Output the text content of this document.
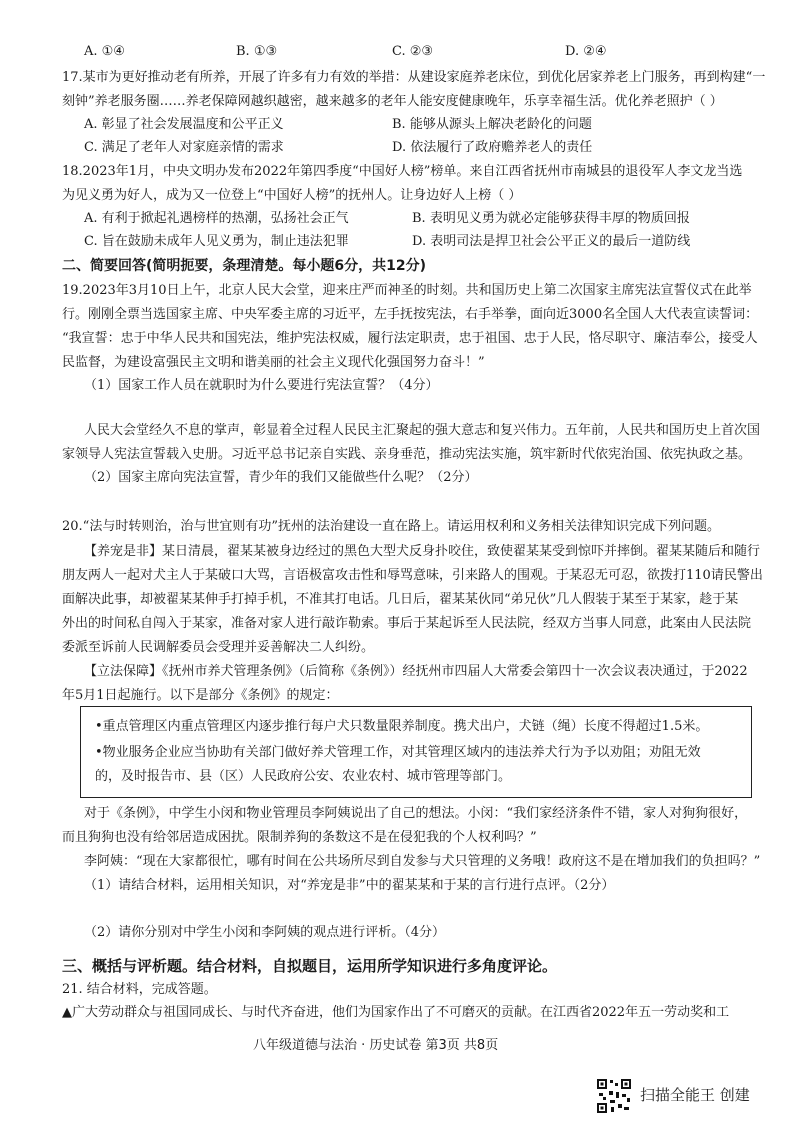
A. ①④	B. ①③	C. ②③	D. ②④
17.某市为更好推动老有所养，开展了许多有力有效的举措：从建设家庭养老床位，到优化居家养老上门服务，再到构建“一
刻钟”养老服务圈……养老保障网越织越密，越来越多的老年人能安度健康晚年，乐享幸福生活。优化养老照护（ ）
A. 彰显了社会发展温度和公平正义	B. 能够从源头上解决老龄化的问题
C. 满足了老年人对家庭亲情的需求	D. 依法履行了政府赡养老人的责任
18.2023年1月，中央文明办发布2022年第四季度“中国好人榜”榜单。来自江西省抚州市南城县的退役军人李文龙当选
为见义勇为好人，成为又一位登上“中国好人榜”的抚州人。让身边好人上榜（ ）
A. 有利于掀起礼遇榜样的热潮，弘扬社会正气	B. 表明见义勇为就必定能够获得丰厚的物质回报
C. 旨在鼓励未成年人见义勇为，制止违法犯罪	D. 表明司法是捍卫社会公平正义的最后一道防线
二、简要回答(简明扼要，条理清楚。每小题6分，共12分)
19.2023年3月10日上午，北京人民大会堂，迎来庄严而神圣的时刻。共和国历史上第二次国家主席宪法宣誓仪式在此举
行。刚刚全票当选国家主席、中央军委主席的习近平，左手抚按宪法，右手举拳，面向近3000名全国人大代表宣读誓词：
“我宣誓：忠于中华人民共和国宪法，维护宪法权威，履行法定职责，忠于祖国、忠于人民，恪尽职守、廉洁奉公，接受人
民监督，为建设富强民主文明和谐美丽的社会主义现代化强国努力奋斗！”
（1）国家工作人员在就职时为什么要进行宪法宣誓？（4分）
人民大会堂经久不息的掌声，彰显着全过程人民民主汇聚起的强大意志和复兴伟力。五年前，人民共和国历史上首次国
家领导人宪法宣誓载入史册。习近平总书记亲自实践、亲身垂范，推动宪法实施，筑牢新时代依宪治国、依宪执政之基。
（2）国家主席向宪法宣誓，青少年的我们又能做些什么呢？（2分）
20.“法与时转则治，治与世宜则有功”抚州的法治建设一直在路上。请运用权利和义务相关法律知识完成下列问题。
【养宠是非】某日清晨，翟某某被身边经过的黑色大型犬反身扑咬住，致使翟某某受到惊吓并摔倒。翟某某随后和随行
朋友两人一起对犬主人于某破口大骂，言语极富攻击性和辱骂意味，引来路人的围观。于某忍无可忍，欲拨打110请民警出
面解决此事，却被翟某某伸手打掉手机，不准其打电话。几日后，翟某某伙同“弟兄伙”几人假装于某至于某家，趁于某
外出的时间私自闯入于某家，准备对家人进行敲诈勒索。事后于某起诉至人民法院，经双方当事人同意，此案由人民法院
委派至诉前人民调解委员会受理并妥善解决二人纠纷。
【立法保障】《抚州市养犬管理条例》（后简称《条例》）经抚州市四届人大常委会第四十一次会议表决通过，于2022
年5月1日起施行。以下是部分《条例》的规定：
•重点管理区内重点管理区内逐步推行每户犬只数量限养制度。携犬出户，犬链（绳）长度不得超过1.5米。
•物业服务企业应当协助有关部门做好养犬管理工作，对其管理区域内的违法养犬行为予以劝阻；劝阻无效
的，及时报告市、县（区）人民政府公安、农业农村、城市管理等部门。
对于《条例》，中学生小闵和物业管理员李阿姨说出了自己的想法。小闵：“我们家经济条件不错，家人对狗狗很好，
而且狗狗也没有给邻居造成困扰。限制养狗的条数这不是在侵犯我的个人权利吗？”
李阿姨：“现在大家都很忙，哪有时间在公共场所尽到自发参与犬只管理的义务哦！政府这不是在增加我们的负担吗？”
（1）请结合材料，运用相关知识，对“养宠是非”中的翟某某和于某的言行进行点评。（2分）
（2）请你分别对中学生小闵和李阿姨的观点进行评析。（4分）
三、概括与评析题。结合材料，自拟题目，运用所学知识进行多角度评论。
21. 结合材料，完成答题。
▲广大劳动群众与祖国同成长、与时代齐奋进，他们为国家作出了不可磨灭的贡献。在江西省2022年五一劳动奖和工
八年级道德与法治 · 历史试卷 第3页 共8页
扫描全能王 创建
